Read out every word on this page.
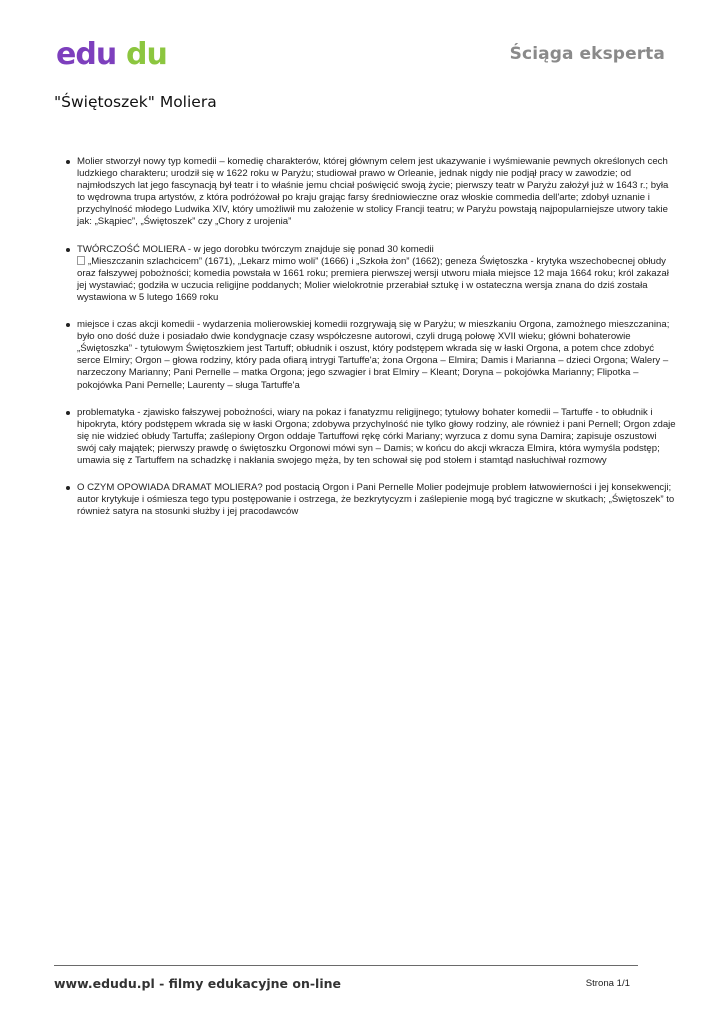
edu du	Ściąga eksperta
"Świętoszek" Moliera

Molier stworzył nowy typ komedii – komedię charakterów, której głównym celem jest ukazywanie i wyśmiewanie pewnych określonych cech ludzkiego charakteru; urodził się w 1622 roku w Paryżu; studiował prawo w Orleanie, jednak nigdy nie podjął pracy w zawodzie; od najmłodszych lat jego fascynacją był teatr i to właśnie jemu chciał poświęcić swoją życie; pierwszy teatr w Paryżu założył już w 1643 r.; była to wędrowna trupa artystów, z która podróżował po kraju grając farsy średniowieczne oraz włoskie commedia dell'arte; zdobył uznanie i przychylność młodego Ludwika XIV, który umożliwił mu założenie w stolicy Francji teatru; w Paryżu powstają najpopularniejsze utwory takie jak: „Skąpiec”, „Świętoszek” czy „Chory z urojenia”

TWÓRCZOŚĆ MOLIERA - w jego dorobku twórczym znajduje się ponad 30 komedii

„Mieszczanin szlachcicem” (1671), „Lekarz mimo woli” (1666) i „Szkoła żon” (1662); geneza Świętoszka - krytyka wszechobecnej obłudy oraz fałszywej pobożności; komedia powstała w 1661 roku; premiera pierwszej wersji utworu miała miejsce 12 maja 1664 roku; król zakazał jej wystawiać; godziła w uczucia religijne poddanych; Molier wielokrotnie przerabiał sztukę i w ostateczna wersja znana do dziś została wystawiona w 5 lutego 1669 roku

miejsce i czas akcji komedii - wydarzenia molierowskiej komedii rozgrywają się w Paryżu; w mieszkaniu Orgona, zamożnego mieszczanina; było ono dość duże i posiadało dwie kondygnacje czasy współczesne autorowi, czyli drugą połowę XVII wieku; główni bohaterowie „Świętoszka” - tytułowym Świętoszkiem jest Tartuff; obłudnik i oszust, który podstępem wkrada się w łaski Orgona, a potem chce zdobyć serce Elmiry; Orgon – głowa rodziny, który pada ofiarą intrygi Tartuffe'a; żona Orgona – Elmira; Damis i Marianna – dzieci Orgona; Walery – narzeczony Marianny; Pani Pernelle – matka Orgona; jego szwagier i brat Elmiry – Kleant; Doryna – pokojówka Marianny; Flipotka – pokojówka Pani Pernelle; Laurenty – sługa Tartuffe'a

problematyka - zjawisko fałszywej pobożności, wiary na pokaz i fanatyzmu religijnego; tytułowy bohater komedii – Tartuffe - to obłudnik i hipokryta, który podstępem wkrada się w łaski Orgona; zdobywa przychylność nie tylko głowy rodziny, ale również i pani Pernell; Orgon zdaje się nie widzieć obłudy Tartuffa; zaślepiony Orgon oddaje Tartuffowi rękę córki Mariany; wyrzuca z domu syna Damira; zapisuje oszustowi swój cały majątek; pierwszy prawdę o świętoszku Orgonowi mówi syn – Damis; w końcu do akcji wkracza Elmira, która wymyśla podstęp; umawia się z Tartuffem na schadzkę i nakłania swojego męża, by ten schował się pod stołem i stamtąd nasłuchiwał rozmowy

O CZYM OPOWIADA DRAMAT MOLIERA? pod postacią Orgon i Pani Pernelle Molier podejmuje problem łatwowierności i jej konsekwencji; autor krytykuje i ośmiesza tego typu postępowanie i ostrzega, że bezkrytycyzm i zaślepienie mogą być tragiczne w skutkach; „Świętoszek” to również satyra na stosunki służby i jej pracodawców

www.edudu.pl - filmy edukacyjne on-line	Strona 1/1
